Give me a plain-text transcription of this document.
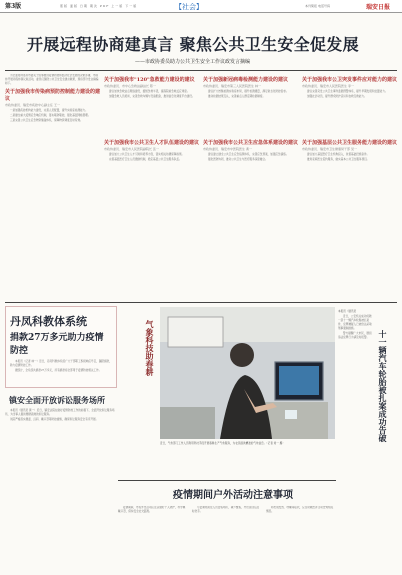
第3版	照版 面版 日期 期次 PDF 上一版 下一版	【社会】	本刊简报 电话号码	瑞安日报
开展远程协商建真言 聚焦公共卫生安全促发展
——市政协委员助力公共卫生安全工作议政发言摘编
为全面贯彻落实市委关于统筹推进疫情防控和经济社会发展的决策部署，市政协开展远程协商议政活动，委员们围绕公共卫生安全建言献策，现将部分发言摘编如下。
关于加强我市传染病预防控制能力建设的建议
市政协委员、瑞安市疾控中心副主任 王一
一是加强疾控机构能力建设，完善人员配置，提升实验室检测能力。
二是健全重大疫情应急响应机制，落实联防联控，强化基层网格管理。
三是完善公共卫生应急物资储备体系，保障物资调度及时有效。
关于加强我市"120"急救能力建设的建议
市政协委员、市中心急救站副站长 陈一
建议加快急救站点网络建设，缩短急救半径，提高院前急救反应速度。
加强急救人员培训，完善急救车辆与设备配备，推进信息化调度平台建设。
关于加强我市公共卫生人才队伍建设的建议
市政协委员、瑞安市人民医院副院长 张一
建议加大公共卫生人才引进和培养力度，落实相关待遇保障政策。
完善基层医疗卫生人员激励机制，稳定基层公共卫生服务队伍。
关于加强新冠病毒检测能力建设的建议
市政协委员、瑞安市第三人民医院医生 林一
建议扩大核酸检测实验室布局，提升检测通量，满足常态化防控需求。
推动检测结果互认，完善重点人群定期检测制度。
关于加强我市公共卫生应急体系建设的建议
市政协委员、瑞安市中医院医生 黄一
建议建立健全公共卫生应急指挥体系，完善应急预案，加强应急演练。
强化医防协同，推动公共卫生与医疗服务深度融合。
关于加强我市公卫突发事件应对能力的建议
市政协委员、瑞安市人民医院医生 李一
建议完善突发公共卫生事件监测预警体系，提升早期发现和处置能力。
加强社会动员，提升群众防护意识和自救互救能力。
关于加强基层公共卫生服务能力建设的建议
市政协委员、瑞安市卫生健康局干部 吴一
建议加大基层医疗卫生机构投入，改善基础设施条件。
推进家庭医生签约服务，做实基本公共卫生服务项目。
丹凤科教体系统
捐款27万多元助力疫情防控
本报讯（记者 林一）近日，丹凤科教体系统广大干部职工积极响应号召，踊跃捐款，助力疫情防控工作。
据统计，全系统共捐款27万多元，所有捐款将全部用于疫情防控相关工作。
镇安全面开放诉讼服务场所
本报讯（通讯员 黄一）近日，镇安法院在做好疫情防控工作的前提下，全面开放诉讼服务场所，为当事人提供便捷高效的诉讼服务。
该院严格落实测温、扫码、戴口罩等防控措施，确保诉讼服务安全有序开展。
气象科技助春耕
近日，气象部门工作人员利用科技手段开展春耕生产气象服务，为农民提供精准的气象信息。（记者 刘一 摄）
本报讯（通讯员
近日，公安机关成功侦破一起十一辆汽车轮胎被扎案件，犯罪嫌疑人已被依法采取刑事强制措施。
警方提醒广大市民，遇到违法犯罪行为请及时报警。	十一辆汽车轮胎被扎案成功告破
疫情期间户外活动注意事项
疫情期间，市民外出活动应注意做好个人防护，科学佩戴口罩，保持安全社交距离。
尽量避免前往人员密集场所，减少聚集，外出返回后及时洗手。
如出现发热、咳嗽等症状，应及时就医并主动告知相关情况。
